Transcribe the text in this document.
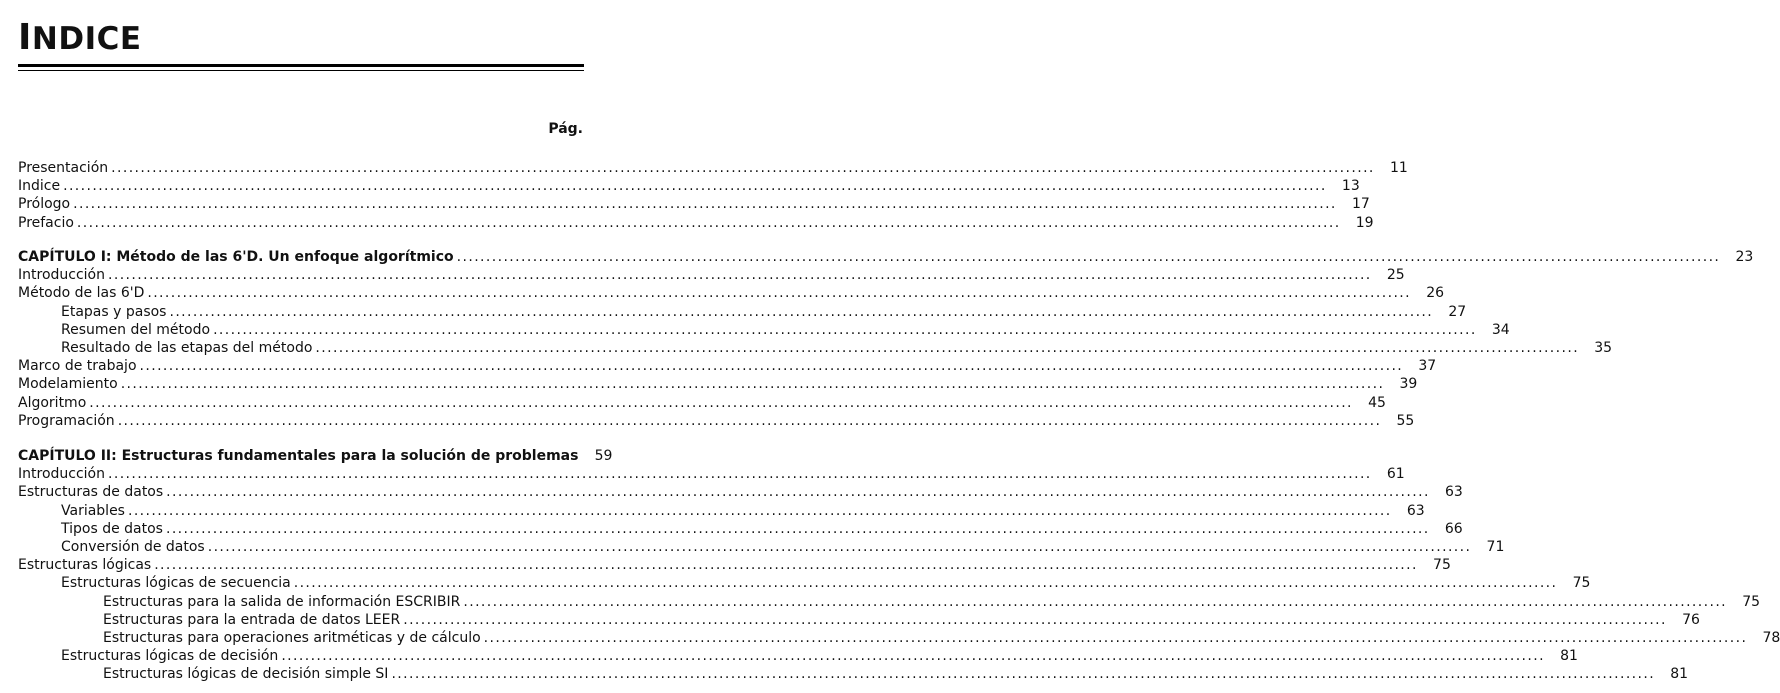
INDICE
Pág.
Presentación .....	11
Indice .....	13
Prólogo .....	17
Prefacio .....	19
CAPÍTULO I: Método de las 6'D. Un enfoque algorítmico .....	23
Introducción .....	25
Método de las 6'D .....	26
Etapas y pasos .....	27
Resumen del método .....	34
Resultado de las etapas del método .....	35
Marco de trabajo .....	37
Modelamiento .....	39
Algoritmo .....	45
Programación .....	55
CAPÍTULO II: Estructuras fundamentales para la solución de problemas	59
Introducción .....	61
Estructuras de datos .....	63
Variables .....	63
Tipos de datos .....	66
Conversión de datos .....	71
Estructuras lógicas .....	75
Estructuras lógicas de secuencia .....	75
Estructuras para la salida de información ESCRIBIR .....	75
Estructuras para la entrada de datos LEER .....	76
Estructuras para operaciones aritméticas y de cálculo .....	78
Estructuras lógicas de decisión .....	81
Estructuras lógicas de decisión simple SI .....	81
